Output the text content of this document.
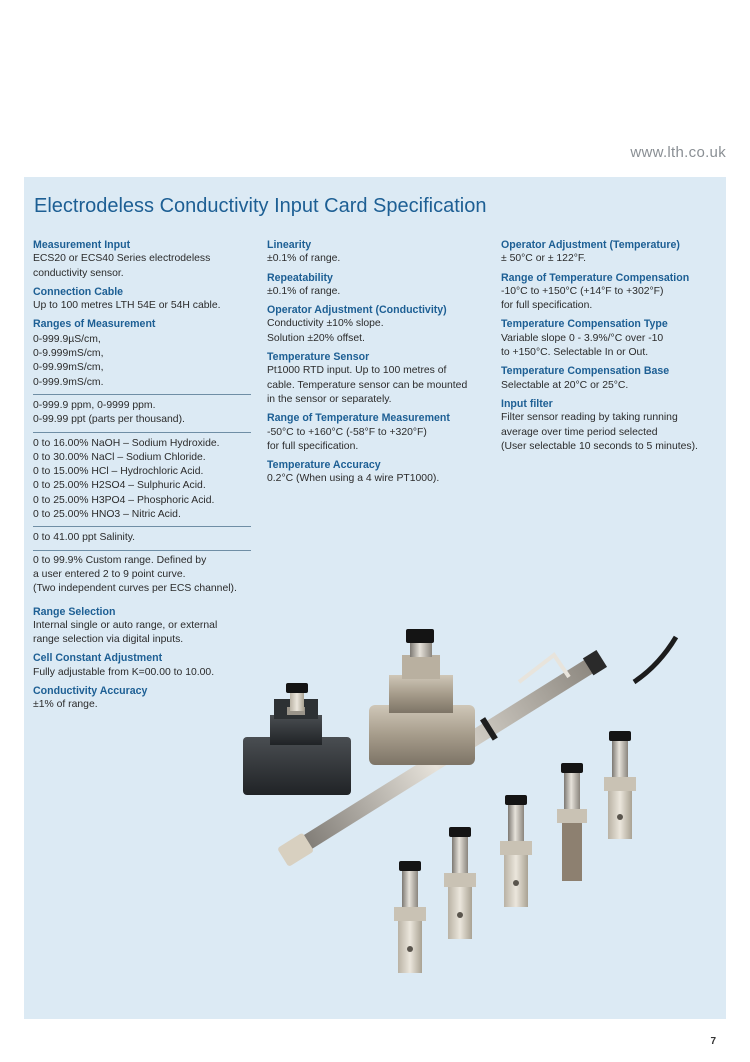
www.lth.co.uk
Electrodeless Conductivity Input Card Specification
Measurement Input
ECS20 or ECS40 Series electrodeless
conductivity sensor.
Connection Cable
Up to 100 metres LTH 54E or 54H cable.
Ranges of Measurement
0-999.9µS/cm,
0-9.999mS/cm,
0-99.99mS/cm,
0-999.9mS/cm.
0-999.9 ppm, 0-9999 ppm.
0-99.99 ppt (parts per thousand).
0 to 16.00% NaOH – Sodium Hydroxide.
0 to 30.00% NaCl – Sodium Chloride.
0 to 15.00% HCl – Hydrochloric Acid.
0 to 25.00% H2SO4 – Sulphuric Acid.
0 to 25.00% H3PO4 – Phosphoric Acid.
0 to 25.00% HNO3 – Nitric Acid.
0 to 41.00 ppt Salinity.
0 to 99.9% Custom range. Defined by
a user entered 2 to 9 point curve.
(Two independent curves per ECS channel).
Range Selection
Internal single or auto range, or external
range selection via digital inputs.
Cell Constant Adjustment
Fully adjustable from K=00.00 to 10.00.
Conductivity Accuracy
±1% of range.
Linearity
±0.1% of range.
Repeatability
±0.1% of range.
Operator Adjustment (Conductivity)
Conductivity ±10% slope.
Solution ±20% offset.
Temperature Sensor
Pt1000 RTD input. Up to 100 metres of
cable. Temperature sensor can be mounted
in the sensor or separately.
Range of Temperature Measurement
-50°C to +160°C (-58°F to +320°F)
for full specification.
Temperature Accuracy
0.2°C (When using a 4 wire PT1000).
Operator Adjustment (Temperature)
± 50°C or ± 122°F.
Range of Temperature Compensation
-10°C to +150°C (+14°F to +302°F)
for full specification.
Temperature Compensation Type
Variable slope 0 - 3.9%/°C over -10
to +150°C. Selectable In or Out.
Temperature Compensation Base
Selectable at 20°C or 25°C.
Input filter
Filter sensor reading by taking running
average over time period selected
(User selectable 10 seconds to 5 minutes).
7
